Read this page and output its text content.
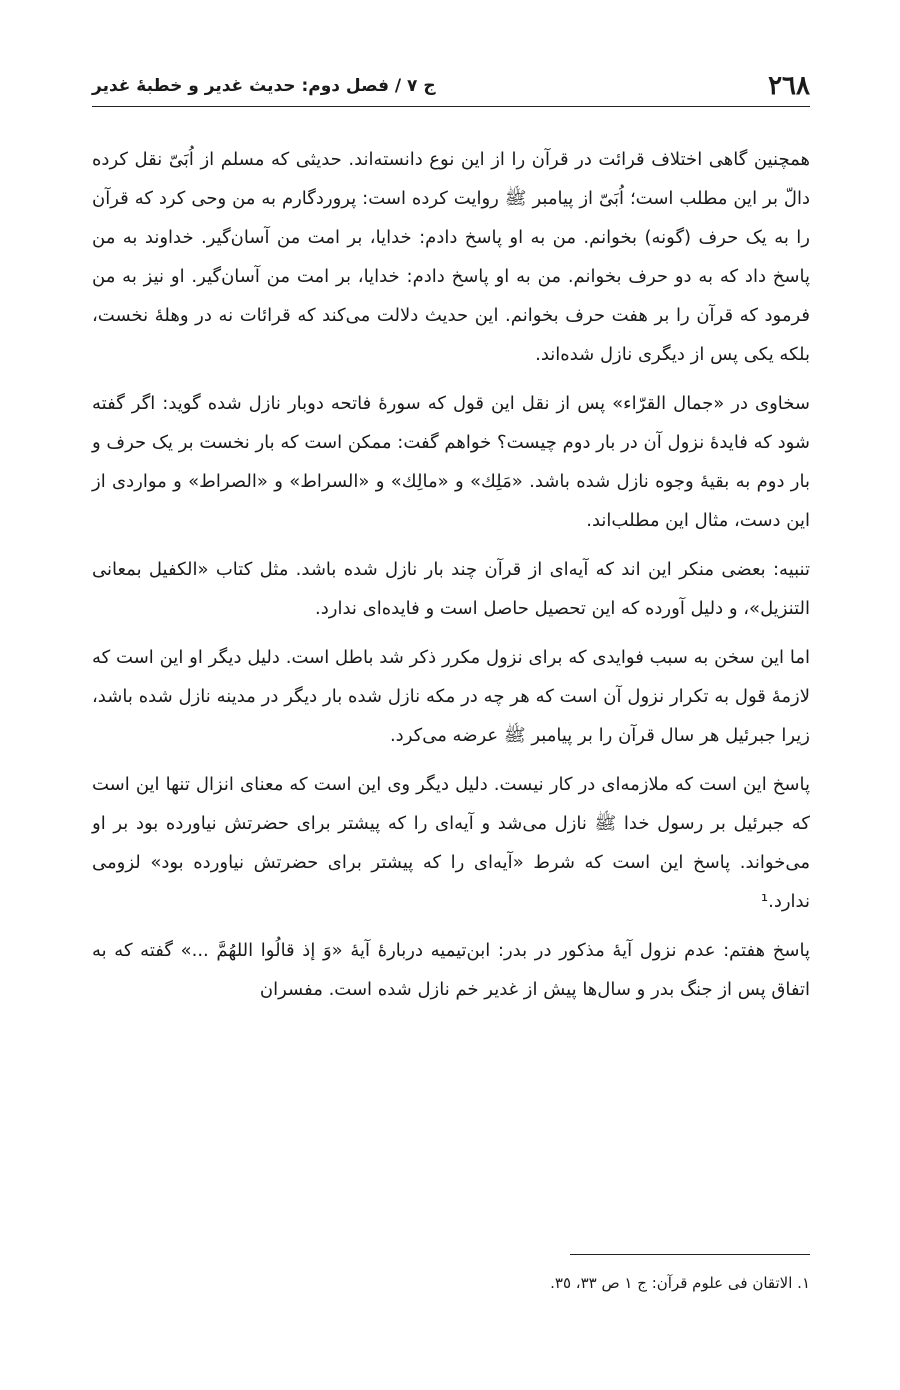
٢٦٨
ج ٧ / فصل دوم: حدیث غدیر و خطبهٔ غدیر

همچنین گاهی اختلاف قرائت در قرآن را از این نوع دانسته‌اند. حدیثی که مسلم از اُبَیّ نقل کرده دالّ بر این مطلب است؛ اُبَیّ از پیامبر ﷺ روایت کرده است: پروردگارم به من وحی کرد که قرآن را به یک حرف (گونه) بخوانم. من به او پاسخ دادم: خدایا، بر امت من آسان‌گیر. خداوند به من پاسخ داد که به دو حرف بخوانم. من به او پاسخ دادم: خدایا، بر امت من آسان‌گیر. او نیز به من فرمود که قرآن را بر هفت حرف بخوانم. این حدیث دلالت می‌کند که قرائات نه در وهلهٔ نخست، بلکه یکی پس از دیگری نازل شده‌اند.

سخاوی در «جمال القرّاء» پس از نقل این قول که سورهٔ فاتحه دوبار نازل شده گوید: اگر گفته شود که فایدهٔ نزول آن در بار دوم چیست؟ خواهم گفت: ممکن است که بار نخست بر یک حرف و بار دوم به بقیهٔ وجوه نازل شده باشد. «مَلِك» و «مالِك» و «السراط» و «الصراط» و مواردی از این دست، مثال این مطلب‌اند.

تنبیه: بعضی منکر این اند که آیه‌ای از قرآن چند بار نازل شده باشد. مثل کتاب «الکفیل بمعانی التنزیل»، و دلیل آورده که این تحصیل حاصل است و فایده‌ای ندارد.

اما این سخن به سبب فوایدی که برای نزول مکرر ذکر شد باطل است. دلیل دیگر او این است که لازمهٔ قول به تکرار نزول آن است که هر چه در مکه نازل شده بار دیگر در مدینه نازل شده باشد، زیرا جبرئیل هر سال قرآن را بر پیامبر ﷺ عرضه می‌کرد.

پاسخ این است که ملازمه‌ای در کار نیست. دلیل دیگر وی این است که معنای انزال تنها این است که جبرئیل بر رسول خدا ﷺ نازل می‌شد و آیه‌ای را که پیشتر برای حضرتش نیاورده بود بر او می‌خواند. پاسخ این است که شرط «آیه‌ای را که پیشتر برای حضرتش نیاورده بود» لزومی ندارد.¹

پاسخ هفتم: عدم نزول آیهٔ مذکور در بدر: ابن‌تیمیه دربارهٔ آیهٔ «وَ إذ قالُوا اللهُمَّ ...» گفته که به اتفاق پس از جنگ بدر و سال‌ها پیش از غدیر خم نازل شده است. مفسران

١. الاتقان فی علوم قرآن: ج ١ ص ٣٣، ٣٥.
